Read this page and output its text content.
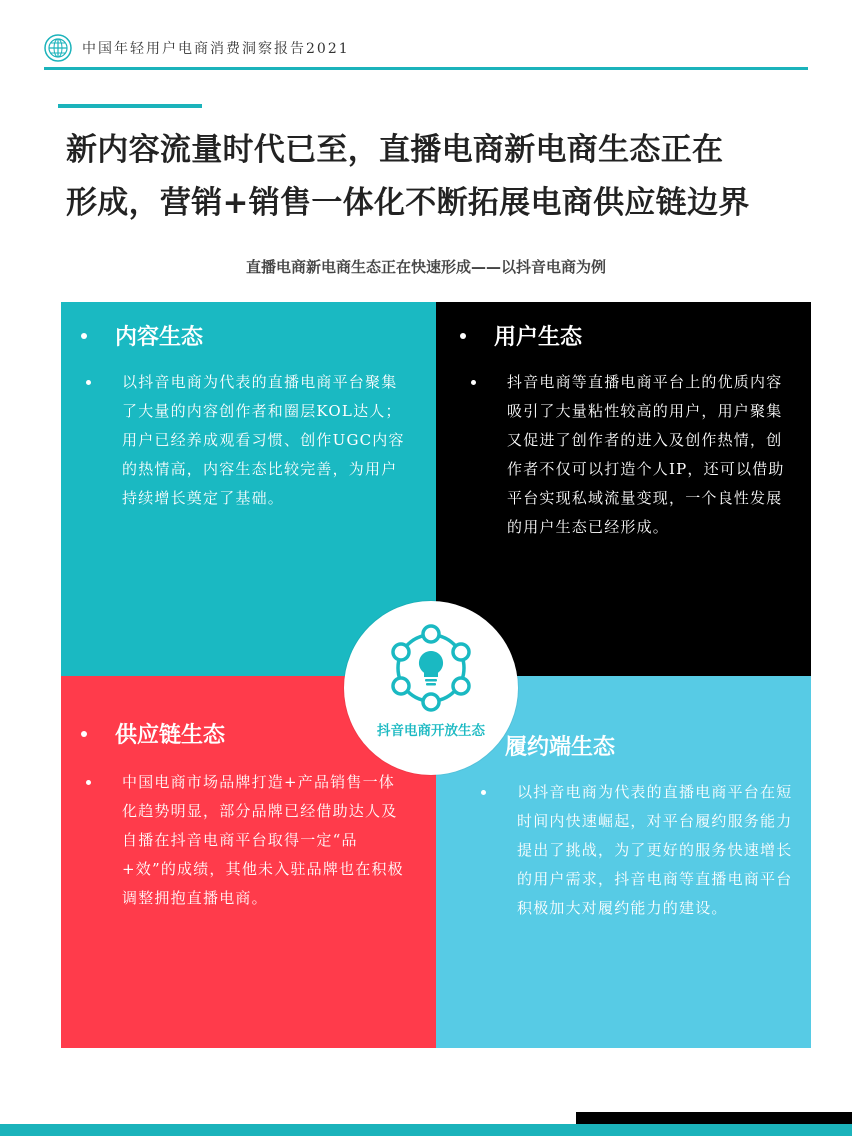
中国年轻用户电商消费洞察报告2021
新内容流量时代已至，直播电商新电商生态正在
形成，营销+销售一体化不断拓展电商供应链边界
直播电商新电商生态正在快速形成——以抖音电商为例
内容生态

以抖音电商为代表的直播电商平台聚集了大量的内容创作者和圈层KOL达人；用户已经养成观看习惯、创作UGC内容的热情高，内容生态比较完善，为用户持续增长奠定了基础。

用户生态

抖音电商等直播电商平台上的优质内容吸引了大量粘性较高的用户，用户聚集又促进了创作者的进入及创作热情，创作者不仅可以打造个人IP，还可以借助平台实现私域流量变现，一个良性发展的用户生态已经形成。

供应链生态

中国电商市场品牌打造+产品销售一体化趋势明显，部分品牌已经借助达人及自播在抖音电商平台取得一定“品+效”的成绩，其他未入驻品牌也在积极调整拥抱直播电商。

履约端生态

以抖音电商为代表的直播电商平台在短时间内快速崛起，对平台履约服务能力提出了挑战，为了更好的服务快速增长的用户需求，抖音电商等直播电商平台积极加大对履约能力的建设。

抖音电商开放生态
